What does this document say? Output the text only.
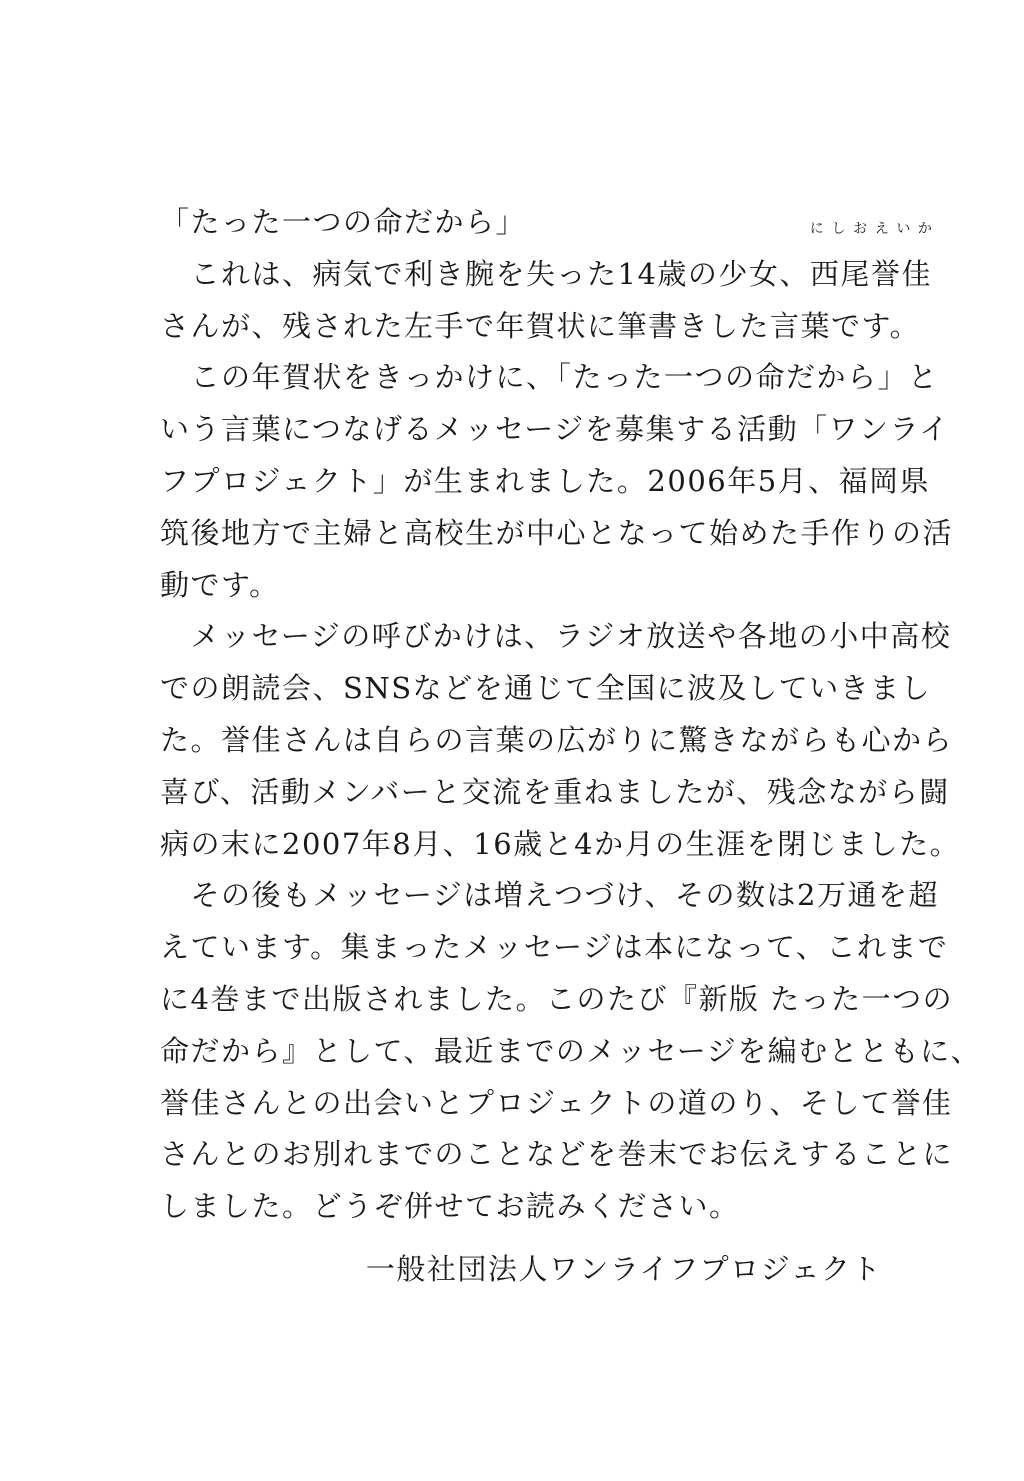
「たった一つの命だから」
　これは、病気で利き腕を失った14歳の少女、
にしおえいか
西尾誉佳
さんが、残された左手で年賀状に筆書きした言葉です。
　この年賀状をきっかけに、「たった一つの命だから」と
いう言葉につなげるメッセージを募集する活動「ワンライ
フプロジェクト」が生まれました。2006年5月、福岡県
筑後地方で主婦と高校生が中心となって始めた手作りの活
動です。
　メッセージの呼びかけは、ラジオ放送や各地の小中高校
での朗読会、SNSなどを通じて全国に波及していきまし
た。誉佳さんは自らの言葉の広がりに驚きながらも心から
喜び、活動メンバーと交流を重ねましたが、残念ながら闘
病の末に2007年8月、16歳と4か月の生涯を閉じました。
　その後もメッセージは増えつづけ、その数は2万通を超
えています。集まったメッセージは本になって、これまで
に4巻まで出版されました。このたび『新版 たった一つの
命だから』として、最近までのメッセージを編むとともに、
誉佳さんとの出会いとプロジェクトの道のり、そして誉佳
さんとのお別れまでのことなどを巻末でお伝えすることに
しました。どうぞ併せてお読みください。
一般社団法人ワンライフプロジェクト
